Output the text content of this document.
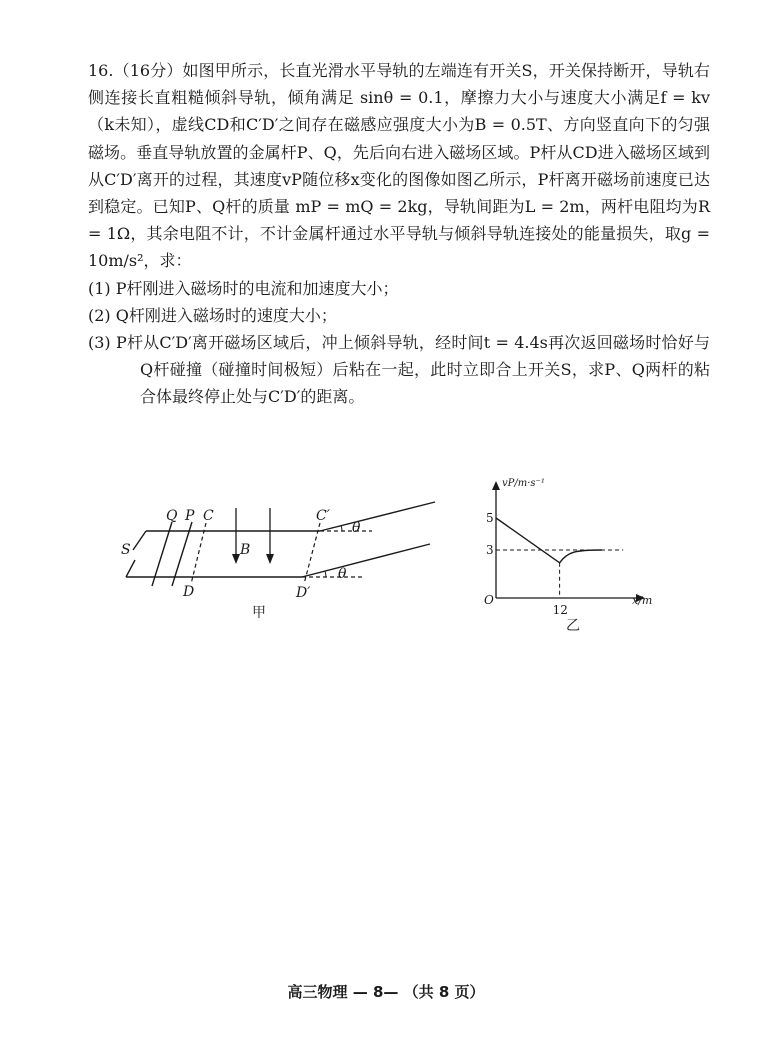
16.（16分）如图甲所示，长直光滑水平导轨的左端连有开关S，开关保持断开，导轨右侧连接长直粗糙倾斜导轨，倾角满足 sinθ = 0.1，摩擦力大小与速度大小满足f = kv（k未知），虚线CD和C′D′之间存在磁感应强度大小为B = 0.5T、方向竖直向下的匀强磁场。垂直导轨放置的金属杆P、Q，先后向右进入磁场区域。P杆从CD进入磁场区域到从C′D′离开的过程，其速度vP随位移x变化的图像如图乙所示，P杆离开磁场前速度已达到稳定。已知P、Q杆的质量 mP = mQ = 2kg，导轨间距为L = 2m，两杆电阻均为R = 1Ω，其余电阻不计，不计金属杆通过水平导轨与倾斜导轨连接处的能量损失，取g = 10m/s²，求：

(1) P杆刚进入磁场时的电流和加速度大小；

(2) Q杆刚进入磁场时的速度大小；

(3) P杆从C′D′离开磁场区域后，冲上倾斜导轨，经时间t = 4.4s再次返回磁场时恰好与Q杆碰撞（碰撞时间极短）后粘在一起，此时立即合上开关S，求P、Q两杆的粘合体最终停止处与C′D′的距离。

S
Q P C
D
C′
D′
B
θ
θ
甲
5
3
12
vP/m·s⁻¹
x/m
O
乙
高三物理 — 8— （共 8 页）
